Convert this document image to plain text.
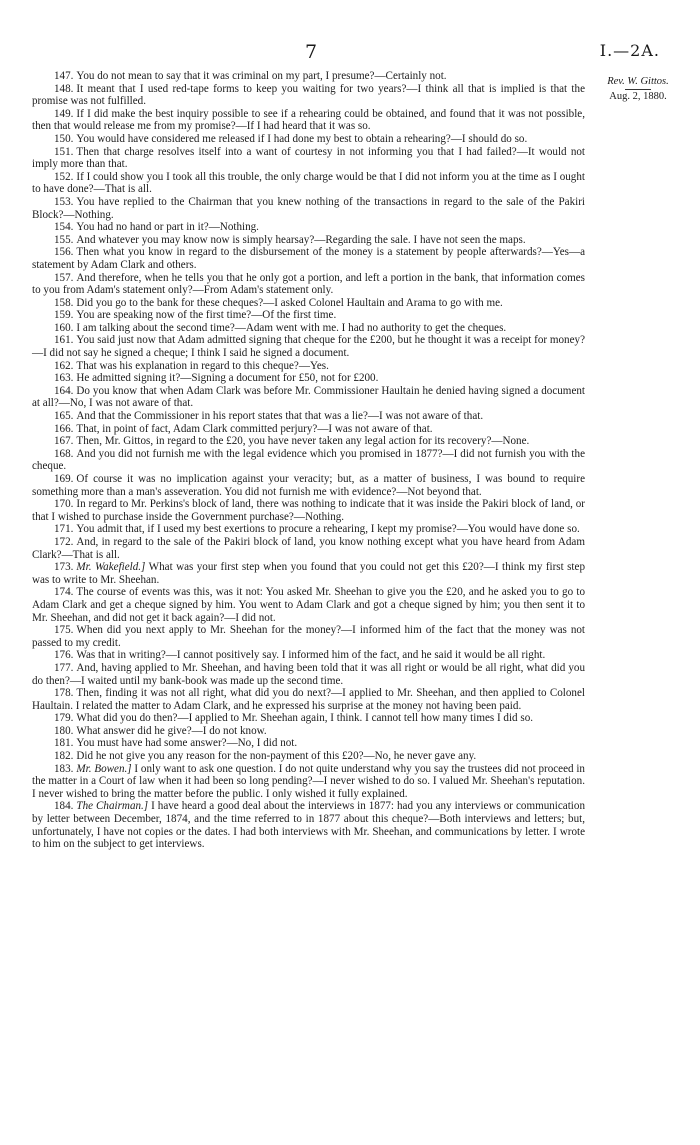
7	I.—2A.
Rev. W. Gittos.
Aug. 2, 1880.

147. You do not mean to say that it was criminal on my part, I presume?—Certainly not.

148. It meant that I used red-tape forms to keep you waiting for two years?—I think all that is implied is that the promise was not fulfilled.

149. If I did make the best inquiry possible to see if a rehearing could be obtained, and found that it was not possible, then that would release me from my promise?—If I had heard that it was so.

150. You would have considered me released if I had done my best to obtain a rehearing?—I should do so.

151. Then that charge resolves itself into a want of courtesy in not informing you that I had failed?—It would not imply more than that.

152. If I could show you I took all this trouble, the only charge would be that I did not inform you at the time as I ought to have done?—That is all.

153. You have replied to the Chairman that you knew nothing of the transactions in regard to the sale of the Pakiri Block?—Nothing.

154. You had no hand or part in it?—Nothing.

155. And whatever you may know now is simply hearsay?—Regarding the sale. I have not seen the maps.

156. Then what you know in regard to the disbursement of the money is a statement by people afterwards?—Yes—a statement by Adam Clark and others.

157. And therefore, when he tells you that he only got a portion, and left a portion in the bank, that information comes to you from Adam's statement only?—From Adam's statement only.

158. Did you go to the bank for these cheques?—I asked Colonel Haultain and Arama to go with me.

159. You are speaking now of the first time?—Of the first time.

160. I am talking about the second time?—Adam went with me. I had no authority to get the cheques.

161. You said just now that Adam admitted signing that cheque for the £200, but he thought it was a receipt for money?—I did not say he signed a cheque; I think I said he signed a document.

162. That was his explanation in regard to this cheque?—Yes.

163. He admitted signing it?—Signing a document for £50, not for £200.

164. Do you know that when Adam Clark was before Mr. Commissioner Haultain he denied having signed a document at all?—No, I was not aware of that.

165. And that the Commissioner in his report states that that was a lie?—I was not aware of that.

166. That, in point of fact, Adam Clark committed perjury?—I was not aware of that.

167. Then, Mr. Gittos, in regard to the £20, you have never taken any legal action for its recovery?—None.

168. And you did not furnish me with the legal evidence which you promised in 1877?—I did not furnish you with the cheque.

169. Of course it was no implication against your veracity; but, as a matter of business, I was bound to require something more than a man's asseveration. You did not furnish me with evidence?—Not beyond that.

170. In regard to Mr. Perkins's block of land, there was nothing to indicate that it was inside the Pakiri block of land, or that I wished to purchase inside the Government purchase?—Nothing.

171. You admit that, if I used my best exertions to procure a rehearing, I kept my promise?—You would have done so.

172. And, in regard to the sale of the Pakiri block of land, you know nothing except what you have heard from Adam Clark?—That is all.

173. Mr. Wakefield.] What was your first step when you found that you could not get this £20?—I think my first step was to write to Mr. Sheehan.

174. The course of events was this, was it not: You asked Mr. Sheehan to give you the £20, and he asked you to go to Adam Clark and get a cheque signed by him. You went to Adam Clark and got a cheque signed by him; you then sent it to Mr. Sheehan, and did not get it back again?—I did not.

175. When did you next apply to Mr. Sheehan for the money?—I informed him of the fact that the money was not passed to my credit.

176. Was that in writing?—I cannot positively say. I informed him of the fact, and he said it would be all right.

177. And, having applied to Mr. Sheehan, and having been told that it was all right or would be all right, what did you do then?—I waited until my bank-book was made up the second time.

178. Then, finding it was not all right, what did you do next?—I applied to Mr. Sheehan, and then applied to Colonel Haultain. I related the matter to Adam Clark, and he expressed his surprise at the money not having been paid.

179. What did you do then?—I applied to Mr. Sheehan again, I think. I cannot tell how many times I did so.

180. What answer did he give?—I do not know.

181. You must have had some answer?—No, I did not.

182. Did he not give you any reason for the non-payment of this £20?—No, he never gave any.

183. Mr. Bowen.] I only want to ask one question. I do not quite understand why you say the trustees did not proceed in the matter in a Court of law when it had been so long pending?—I never wished to do so. I valued Mr. Sheehan's reputation. I never wished to bring the matter before the public. I only wished it fully explained.

184. The Chairman.] I have heard a good deal about the interviews in 1877: had you any interviews or communication by letter between December, 1874, and the time referred to in 1877 about this cheque?—Both interviews and letters; but, unfortunately, I have not copies or the dates. I had both interviews with Mr. Sheehan, and communications by letter. I wrote to him on the subject to get interviews.
